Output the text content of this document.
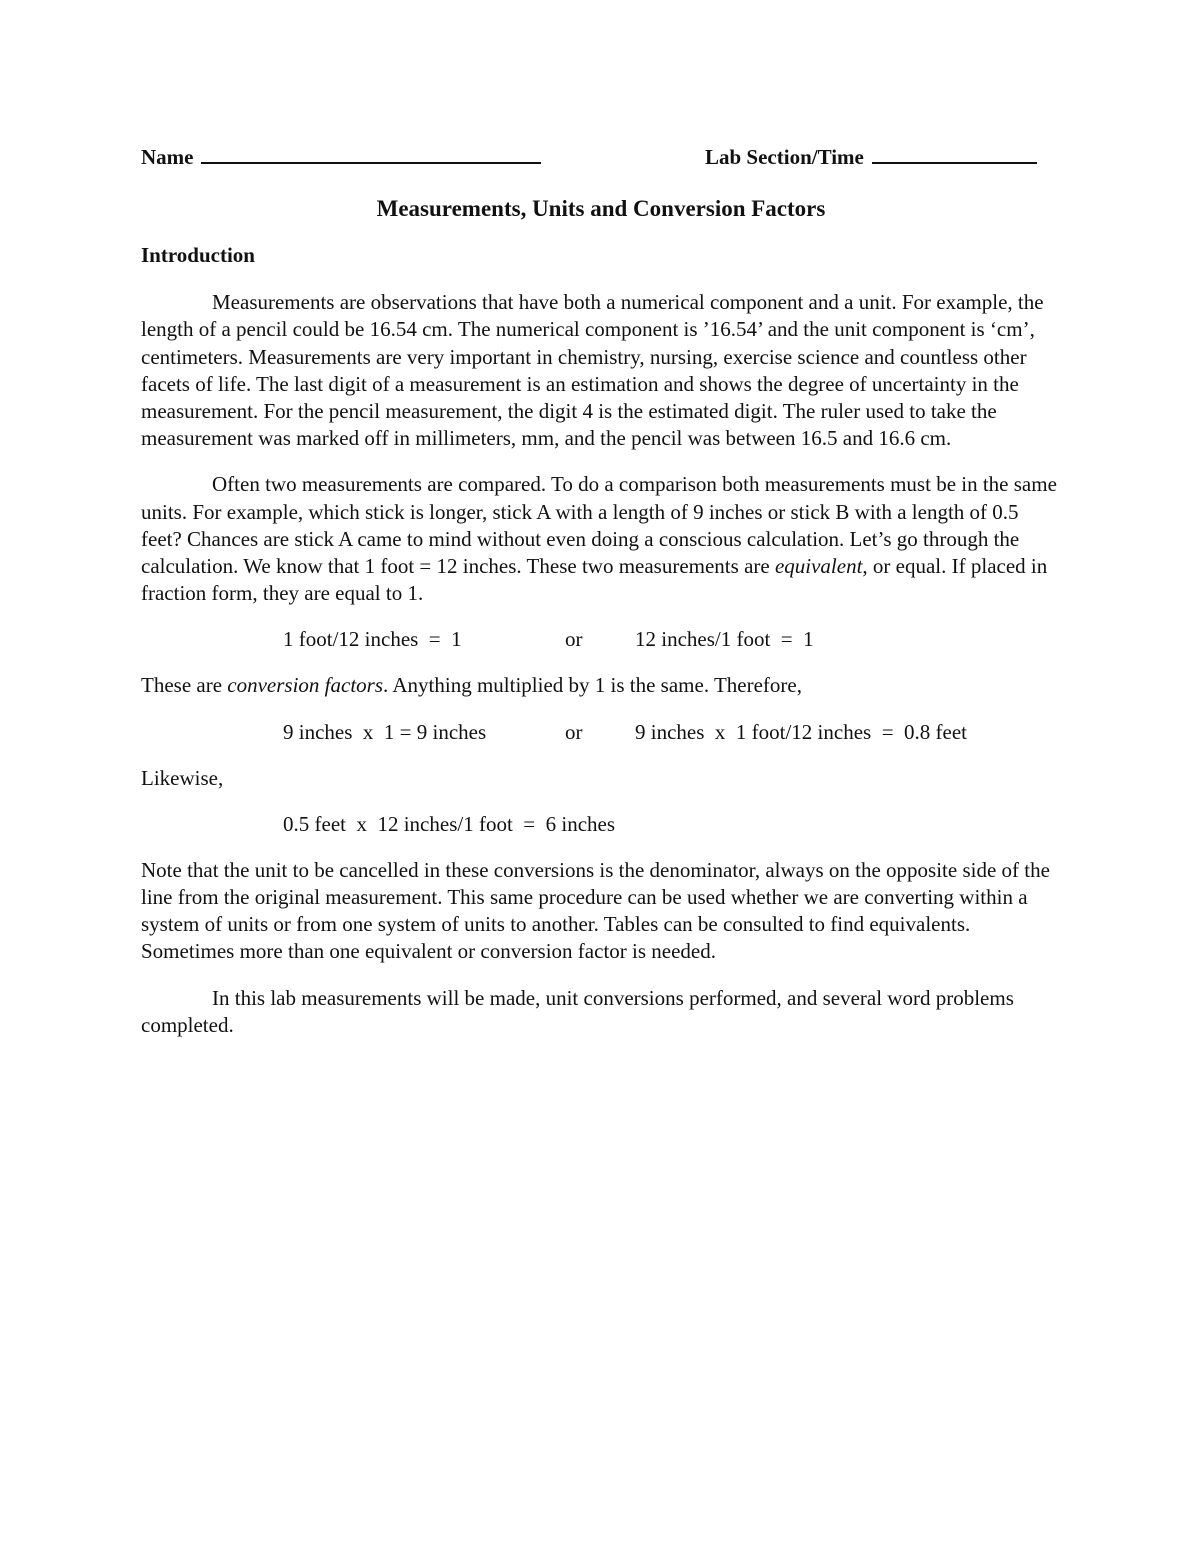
Name	Lab Section/Time
Measurements, Units and Conversion Factors
Introduction

Measurements are observations that have both a numerical component and a unit. For example, the length of a pencil could be 16.54 cm. The numerical component is ’16.54’ and the unit component is ‘cm’, centimeters. Measurements are very important in chemistry, nursing, exercise science and countless other facets of life. The last digit of a measurement is an estimation and shows the degree of uncertainty in the measurement. For the pencil measurement, the digit 4 is the estimated digit. The ruler used to take the measurement was marked off in millimeters, mm, and the pencil was between 16.5 and 16.6 cm.

Often two measurements are compared. To do a comparison both measurements must be in the same units. For example, which stick is longer, stick A with a length of 9 inches or stick B with a length of 0.5 feet? Chances are stick A came to mind without even doing a conscious calculation. Let’s go through the calculation. We know that 1 foot = 12 inches. These two measurements are equivalent, or equal. If placed in fraction form, they are equal to 1.

1 foot/12 inches  =  1

	or

	12 inches/1 foot  =  1

These are conversion factors. Anything multiplied by 1 is the same. Therefore,

9 inches  x  1 = 9 inches

	or

	9 inches  x  1 foot/12 inches  =  0.8 feet

Likewise,

0.5 feet  x  12 inches/1 foot  =  6 inches

Note that the unit to be cancelled in these conversions is the denominator, always on the opposite side of the line from the original measurement. This same procedure can be used whether we are converting within a system of units or from one system of units to another. Tables can be consulted to find equivalents. Sometimes more than one equivalent or conversion factor is needed.

In this lab measurements will be made, unit conversions performed, and several word problems completed.
